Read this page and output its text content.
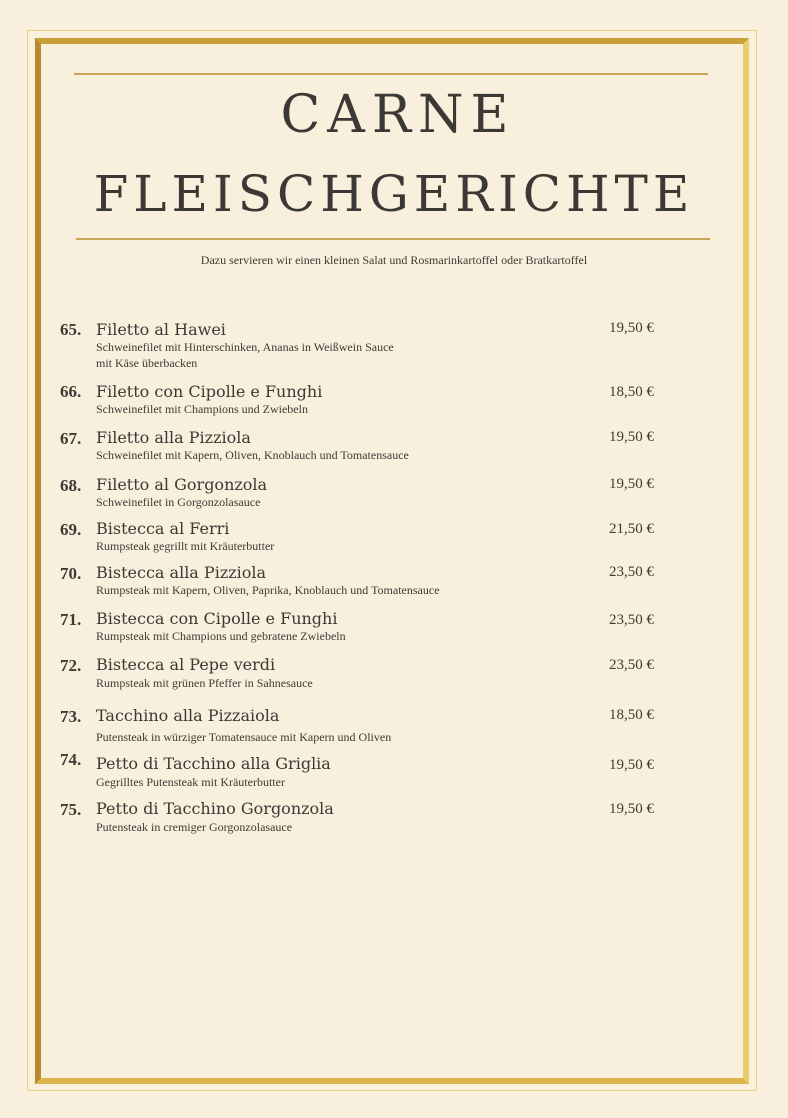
CARNE
FLEISCHGERICHTE
Dazu servieren wir einen kleinen Salat und Rosmarinkartoffel oder Bratkartoffel
65. Filetto al Hawei
Schweinefilet mit Hinterschinken, Ananas in Weißwein Sauce
mit Käse überbacken
19,50 €
66. Filetto con Cipolle e Funghi
Schweinefilet mit Champions und Zwiebeln
18,50 €
67. Filetto alla Pizziola
Schweinefilet mit Kapern, Oliven, Knoblauch und Tomatensauce
19,50 €
68. Filetto al Gorgonzola
Schweinefilet in Gorgonzolasauce
19,50 €
69. Bistecca al Ferri
Rumpsteak gegrillt mit Kräuterbutter
21,50 €
70. Bistecca alla Pizziola
Rumpsteak mit Kapern, Oliven, Paprika, Knoblauch und Tomatensauce
23,50 €
71. Bistecca con Cipolle e Funghi
Rumpsteak mit Champions und gebratene Zwiebeln
23,50 €
72. Bistecca al Pepe verdi
Rumpsteak mit grünen Pfeffer in Sahnesauce
23,50 €
73. Tacchino alla Pizzaiola
Putensteak in würziger Tomatensauce mit Kapern und Oliven
18,50 €
74. Petto di Tacchino alla Griglia
Gegrilltes Putensteak mit Kräuterbutter
19,50 €
75. Petto di Tacchino Gorgonzola
Putensteak in cremiger Gorgonzolasauce
19,50 €
